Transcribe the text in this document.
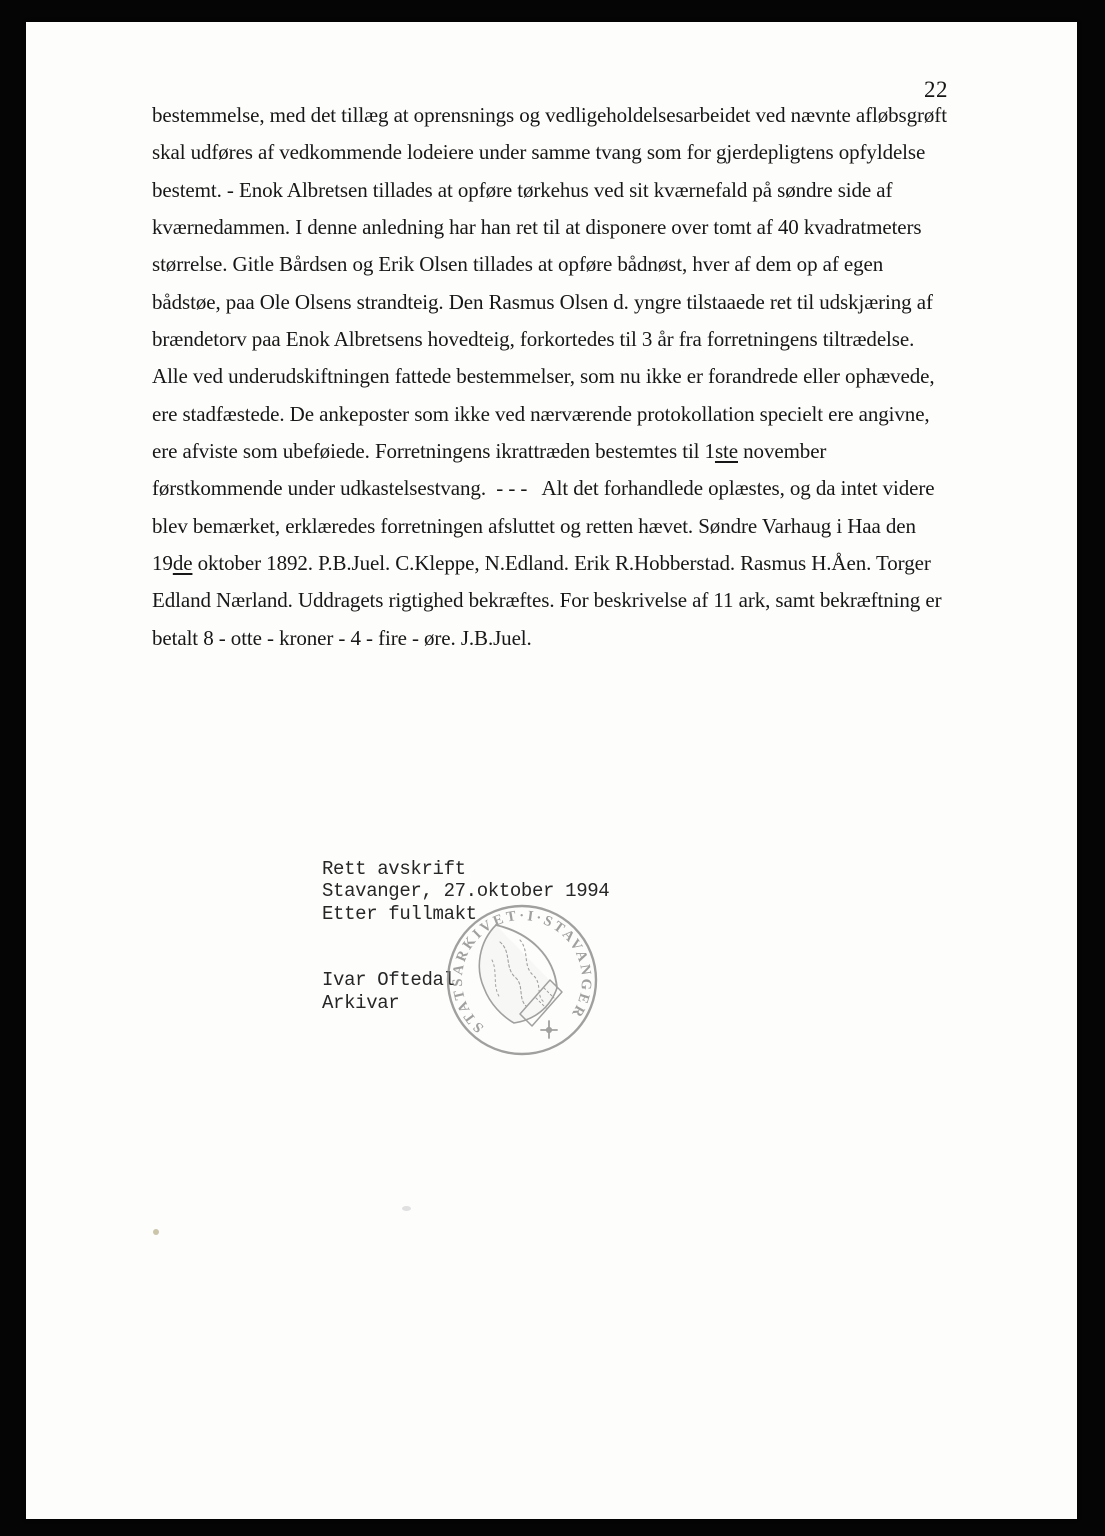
22
bestemmelse, med det tillæg at oprensnings og vedligeholdelsesarbeidet ved nævnte afløbsgrøft
skal udføres af vedkommende lodeiere under samme tvang som for gjerdepligtens opfyldelse
bestemt. - Enok Albretsen tillades at opføre tørkehus ved sit kværnefald på søndre side af
kværnedammen. I denne anledning har han ret til at disponere over tomt af 40 kvadratmeters
størrelse. Gitle Bårdsen og Erik Olsen tillades at opføre bådnøst, hver af dem op af egen
bådstøe, paa Ole Olsens strandteig. Den Rasmus Olsen d. yngre tilstaaede ret til udskjæring af
brændetorv paa Enok Albretsens hovedteig, forkortedes til 3 år fra forretningens tiltrædelse.
Alle ved underudskiftningen fattede bestemmelser, som nu ikke er forandrede eller ophævede,
ere stadfæstede. De ankeposter som ikke ved nærværende protokollation specielt ere angivne,
ere afviste som ubeføiede. Forretningens ikrattræden bestemtes til 1ste november
førstkommende under udkastelsestvang.  - - -   Alt det forhandlede oplæstes, og da intet videre
blev bemærket, erklæredes forretningen afsluttet og retten hævet. Søndre Varhaug i Haa den
19de oktober 1892. P.B.Juel. C.Kleppe, N.Edland. Erik R.Hobberstad. Rasmus H.Åen. Torger
Edland Nærland. Uddragets rigtighed bekræftes. For beskrivelse af 11 ark, samt bekræftning er
betalt 8 - otte - kroner - 4 - fire - øre. J.B.Juel.
Rett avskrift
Stavanger, 27.oktober 1994
Etter fullmakt

Ivar Oftedal
Arkivar
STATSARKIVET·I·STAVANGER
